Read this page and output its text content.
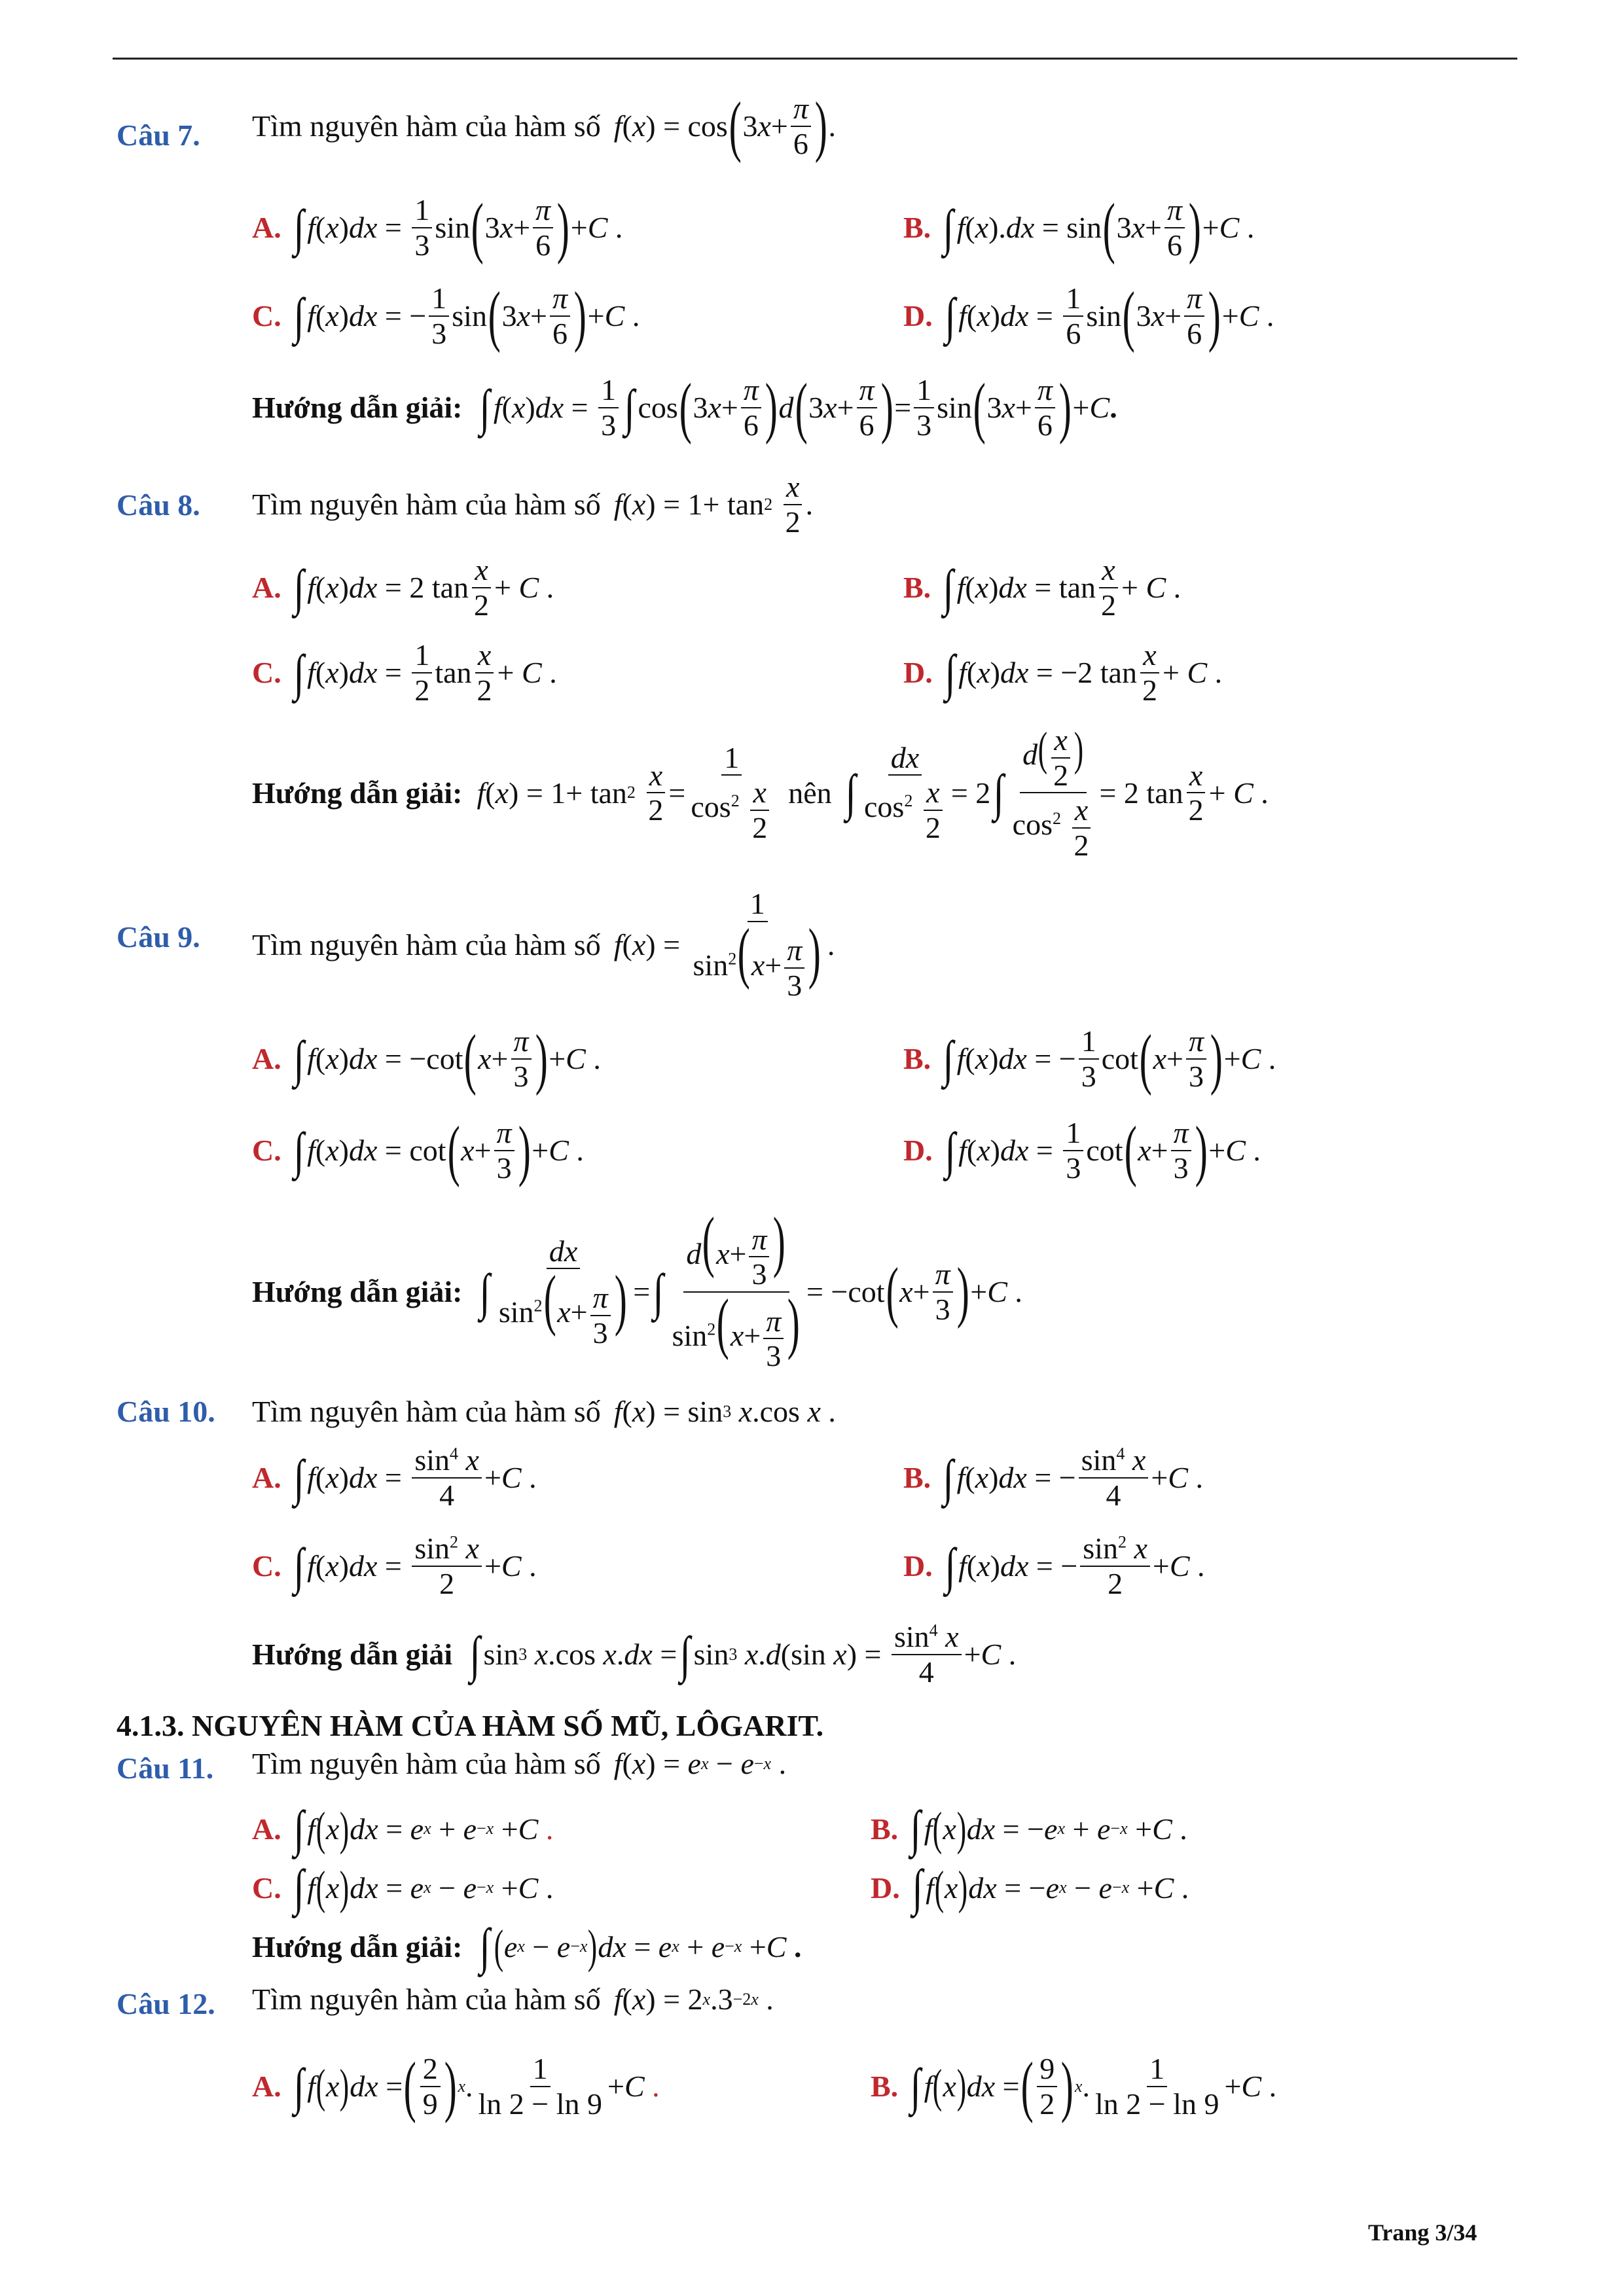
Câu 7. Tìm nguyên hàm của hàm số f ( x ) = cos ( 3 $x + \frac{\pi}{6}$ ) .
A. ∫ f ( x ) dx = $\frac{1}{3}$ sin ( 3 $x + \frac{\pi}{6}$ ) + C .	B. ∫ f ( x ). dx = sin ( 3 $x + \frac{\pi}{6}$ ) + C .
C. ∫ f ( x ) dx = − $\frac{1}{3}$ sin ( 3 $x + \frac{\pi}{6}$ ) + C .	D. ∫ f ( x ) dx = $\frac{1}{6}$ sin ( 3 $x + \frac{\pi}{6}$ ) + C .
Hướng dẫn giải: ∫ f ( x ) dx = $\frac{1}{3}$ ∫ cos ( 3 $x + \frac{\pi}{6}$ ) d ( 3 $x + \frac{\pi}{6}$ ) = $\frac{1}{3}$ sin ( 3 $x + \frac{\pi}{6}$ ) + C .
Câu 8. Tìm nguyên hàm của hàm số f ( x ) = 1+ tan 2
$\frac{x}{2}$ .
A. ∫ f ( x ) dx = 2 $\tan \frac{x}{2} + C$ .	B. ∫ f ( x ) dx = $\tan \frac{x}{2} + C$ .
C. ∫ f ( x ) dx = $\frac{1}{2}$ $\tan \frac{x}{2} + C$ .	D. ∫ f ( x ) dx = −2 $\tan \frac{x}{2} + C$ .
Hướng dẫn giải: f ( x ) = 1+ tan 2
$\frac{x}{2} = \frac{1}{\cos^2 \frac{x}{2}}$ nên ∫ $\frac{dx}{\cos^2 \frac{x}{2}} = 2$ ∫ $\frac{d( \frac{x}{2} )}{\cos^2 \frac{x}{2}} = 2$ $\tan \frac{x}{2} + C$ .
Câu 9. Tìm nguyên hàm của hàm số f ( x ) = $\frac{1}{\sin^2(x+ \frac{\pi}{3} )}$ .
A. ∫ f ( x ) dx = −cot ( $x + \frac{\pi}{3}$ ) + C .	B. ∫ f ( x ) dx = − $\frac{1}{3}$ cot ( $x + \frac{\pi}{3}$ ) + C .
C. ∫ f ( x ) dx = cot ( $x + \frac{\pi}{3}$ ) + C .	D. ∫ f ( x ) dx = $\frac{1}{3}$ cot ( $x + \frac{\pi}{3}$ ) + C .
Hướng dẫn giải: ∫ $\frac{dx}{\sin^2(x+ \frac{\pi}{3} )}$ = ∫ $\frac{d(x+ \frac{\pi}{3} )}{\sin^2(x+ \frac{\pi}{3} )} = -\cot$ ( $x + \frac{\pi}{3}$ ) + C .
Câu 10. Tìm nguyên hàm của hàm số f ( x ) = sin 3
x .cos x .
A. ∫ f ( x ) dx = $\frac{\sin^4 x}{4} + C$ .	B. ∫ f ( x ) dx = − $\frac{\sin^4 x}{4} + C$ .
C. ∫ f ( x ) dx = $\frac{\sin^2 x}{2} + C$ .	D. ∫ f ( x ) dx = − $\frac{\sin^2 x}{2} + C$ .
Hướng dẫn giải ∫ sin 3
x .cos x . dx = ∫ sin 3
x . d (sin x ) = $\frac{\sin^4 x}{4} + C$ .
4.1.3. NGUYÊN HÀM CỦA HÀM SỐ MŨ, LÔGARIT.
Câu 11. Tìm nguyên hàm của hàm số f ( x ) = e x − e −x .
A. ∫ f ( x ) dx = e x + e −x + C
.	B. ∫ f ( x ) dx = − e x + e −x + C .
C. ∫ f ( x ) dx = e x − e −x + C .	D. ∫ f ( x ) dx = − e x − e −x + C .
Hướng dẫn giải: ∫ ( e x − e −x ) dx = e x + e −x + C
.
Câu 12. Tìm nguyên hàm của hàm số f ( x ) = 2 x .3 −2x .
A. ∫ f ( x ) dx = ( $\frac{2}{9}$ ) x . $\frac{1}{\ln 2 - \ln 9} + C$
.	B. ∫ f ( x ) dx = ( $\frac{9}{2}$ ) x . $\frac{1}{\ln 2 - \ln 9} + C$ .
Trang 3/34
